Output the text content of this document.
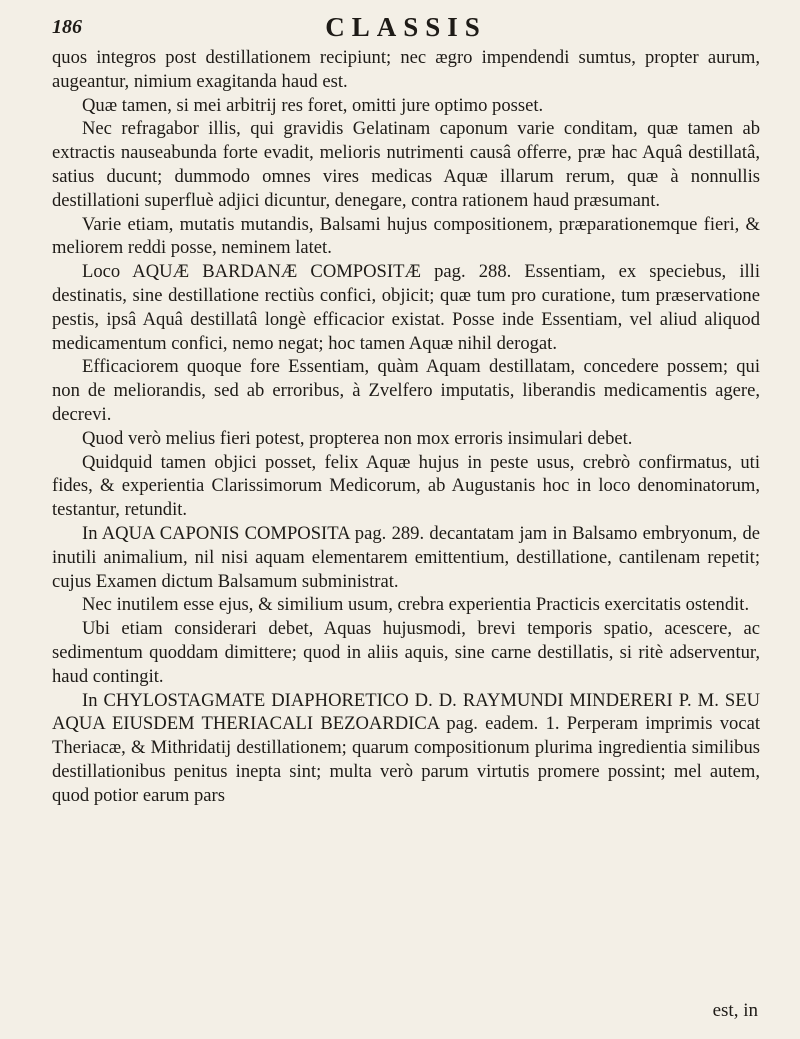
186	CLASSIS

quos integros post destillationem recipiunt; nec ægro impendendi sumtus, propter aurum, augeantur, nimium exagitanda haud est.

Quæ tamen, si mei arbitrij res foret, omitti jure optimo posset.

Nec refragabor illis, qui gravidis Gelatinam caponum varie conditam, quæ tamen ab extractis nauseabunda forte evadit, melioris nutrimenti causâ offerre, præ hac Aquâ destillatâ, satius ducunt; dummodo omnes vires medicas Aquæ illarum rerum, quæ à nonnullis destillationi superfluè adjici dicuntur, denegare, contra rationem haud præsumant.

Varie etiam, mutatis mutandis, Balsami hujus compositionem, præparationemque fieri, & meliorem reddi posse, neminem latet.

Loco AQUÆ BARDANÆ COMPOSITÆ pag. 288. Essentiam, ex speciebus, illi destinatis, sine destillatione rectiùs confici, objicit; quæ tum pro curatione, tum præservatione pestis, ipsâ Aquâ destillatâ longè efficacior existat. Posse inde Essentiam, vel aliud aliquod medicamentum confici, nemo negat; hoc tamen Aquæ nihil derogat.

Efficaciorem quoque fore Essentiam, quàm Aquam destillatam, concedere possem; qui non de meliorandis, sed ab erroribus, à Zvelfero imputatis, liberandis medicamentis agere, decrevi.

Quod verò melius fieri potest, propterea non mox erroris insimulari debet.

Quidquid tamen objici posset, felix Aquæ hujus in peste usus, crebrò confirmatus, uti fides, & experientia Clarissimorum Medicorum, ab Augustanis hoc in loco denominatorum, testantur, retundit.

In AQUA CAPONIS COMPOSITA pag. 289. decantatam jam in Balsamo embryonum, de inutili animalium, nil nisi aquam elementarem emittentium, destillatione, cantilenam repetit; cujus Examen dictum Balsamum subministrat.

Nec inutilem esse ejus, & similium usum, crebra experientia Practicis exercitatis ostendit.

Ubi etiam considerari debet, Aquas hujusmodi, brevi temporis spatio, acescere, ac sedimentum quoddam dimittere; quod in aliis aquis, sine carne destillatis, si ritè adserventur, haud contingit.

In CHYLOSTAGMATE DIAPHORETICO D. D. RAYMUNDI MINDERERI P. M. SEU AQUA EIUSDEM THERIACALI BEZOARDICA pag. eadem. 1. Perperam imprimis vocat Theriacæ, & Mithridatij destillationem; quarum compositionum plurima ingredientia similibus destillationibus penitus inepta sint; multa verò parum virtutis promere possint; mel autem, quod potior earum pars

est, in
